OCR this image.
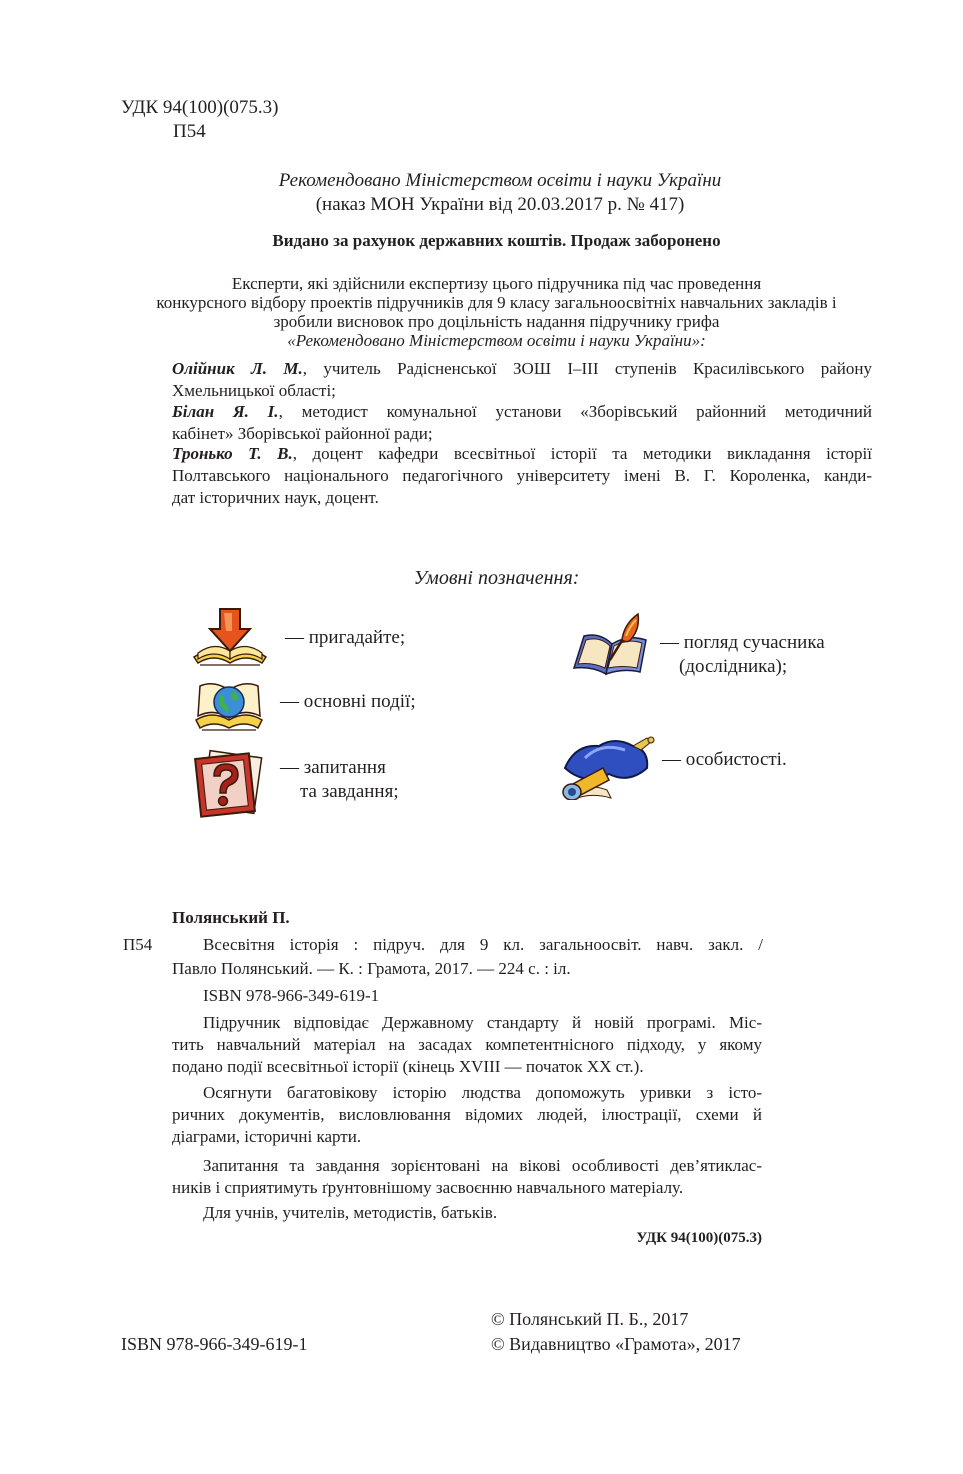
УДК 94(100)(075.3)
П54
Рекомендовано Міністерством освіти і науки України
(наказ МОН України від 20.03.2017 р. № 417)
Видано за рахунок державних коштів. Продаж заборонено
Експерти, які здійснили експертизу цього підручника під час проведення
конкурсного відбору проектів підручників для 9 класу загальноосвітніх навчальних закладів і
зробили висновок про доцільність надання підручнику грифа
«Рекомендовано Міністерством освіти і науки України»:
Олійник Л. М., учитель Радісненської ЗОШ І–ІІІ ступенів Красилівського району
Хмельницької області;
Білан Я. І., методист комунальної установи «Зборівський районний методичний
кабінет» Зборівської районної ради;
Тронько Т. В., доцент кафедри всесвітньої історії та методики викладання історії
Полтавського національного педагогічного університету імені В. Г. Короленка, канди-
дат історичних наук, доцент.
Умовні позначення:
— пригадайте;
— основні події;
— запитання
та завдання;
— погляд сучасника
(дослідника);
— особистості.
Полянський П.
П54	Всесвітня історія : підруч. для 9 кл. загальноосвіт. навч. закл. /
Павло Полянський. — К. : Грамота, 2017. — 224 с. : іл.
ISBN 978-966-349-619-1
Підручник відповідає Державному стандарту й новій програмі. Міс-
тить навчальний матеріал на засадах компетентнісного підходу, у якому
подано події всесвітньої історії (кінець XVIII — початок XX ст.).
Осягнути багатовікову історію людства допоможуть уривки з істо-
ричних документів, висловлювання відомих людей, ілюстрації, схеми й
діаграми, історичні карти.
Запитання та завдання зорієнтовані на вікові особливості дев’ятиклас-
ників і сприятимуть ґрунтовнішому засвоєнню навчального матеріалу.
Для учнів, учителів, методистів, батьків.
УДК 94(100)(075.3)
© Полянський П. Б., 2017
ISBN 978-966-349-619-1	© Видавництво «Грамота», 2017
